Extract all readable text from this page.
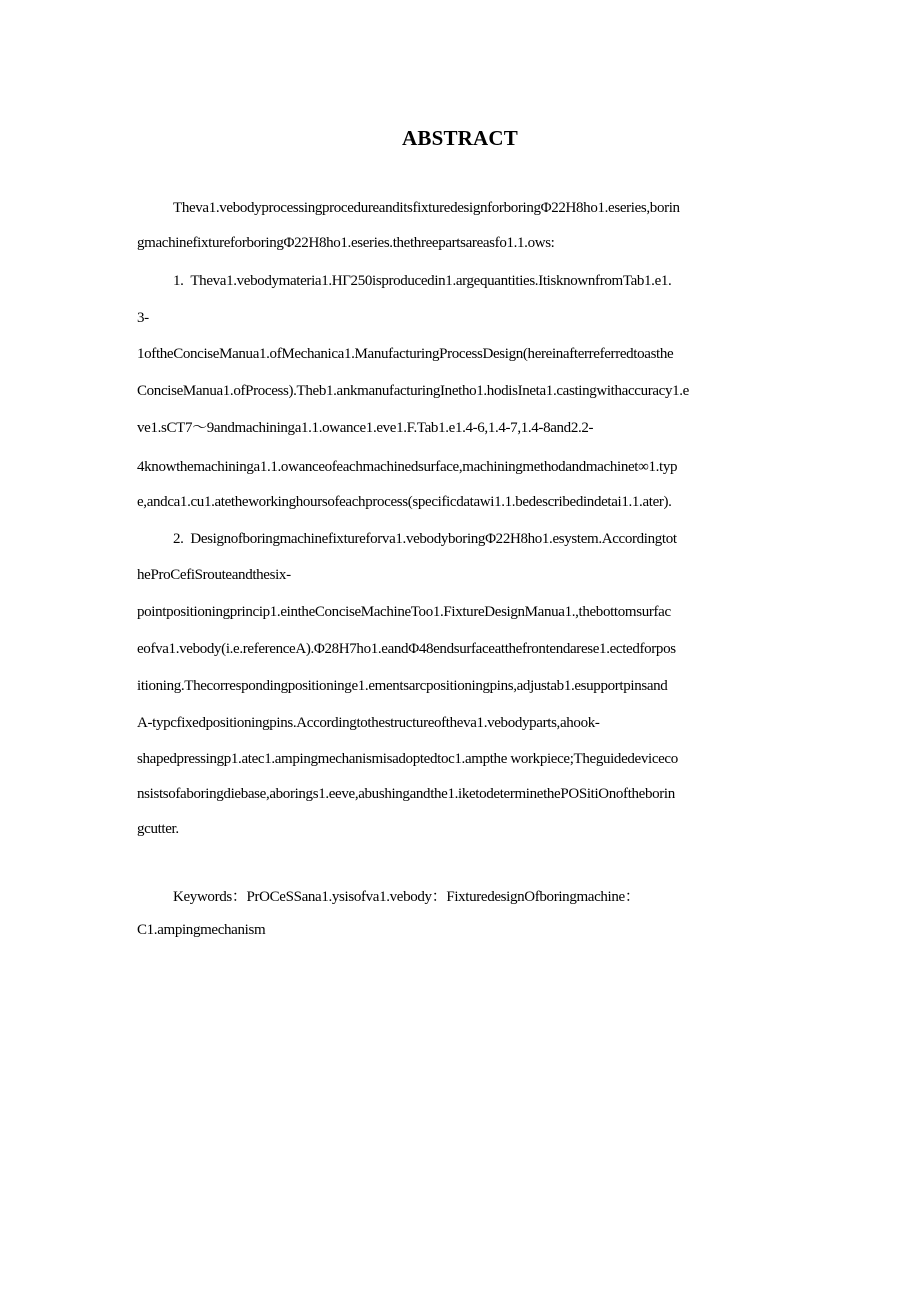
ABSTRACT
Theva1.vebodyprocessingprocedureanditsfixturedesignforboringΦ22H8ho1.eseries,borin
gmachinefixtureforboringΦ22H8ho1.eseries.thethreepartsareasfo1.1.ows:
1.  Theva1.vebodymateria1.HΓ250isproducedin1.argequantities.ItisknownfromTab1.e1.
3-
1oftheConciseManua1.ofMechanica1.ManufacturingProcessDesign(hereinafterreferredtoasthe
ConciseManua1.ofProcess).Theb1.ankmanufacturingInetho1.hodisIneta1.castingwithaccuracy1.e
ve1.sCT7～9andmachininga1.1.owance1.eve1.F.Tab1.e1.4-6,1.4-7,1.4-8and2.2-
4knowthemachininga1.1.owanceofeachmachinedsurface,machiningmethodandmachinet∞1.typ
e,andca1.cu1.atetheworkinghoursofeachprocess(specificdatawi1.1.bedescribedindetai1.1.ater).
2.  Designofboringmachinefixtureforva1.vebodyboringΦ22H8ho1.esystem.Accordingtot
heProCefiSrouteandthesix-
pointpositioningprincip1.eintheConciseMachineToo1.FixtureDesignManua1.,thebottomsurfac
eofva1.vebody(i.e.referenceA).Φ28H7ho1.eandΦ48endsurfaceatthefrontendarese1.ectedforpos
itioning.Thecorrespondingpositioninge1.ementsarcpositioningpins,adjustab1.esupportpinsand
A-typcfixedpositioningpins.Accordingtothestructureoftheva1.vebodyparts,ahook-
shapedpressingp1.atec1.ampingmechanismisadoptedtoc1.ampthe workpiece;Theguidedeviceco
nsistsofaboringdiebase,aborings1.eeve,abushingandthe1.iketodeterminethePOSitiOnoftheborin
gcutter.
Keywords：PrOCeSSana1.ysisofva1.vebody：FixturedesignOfboringmachine：
C1.ampingmechanism
